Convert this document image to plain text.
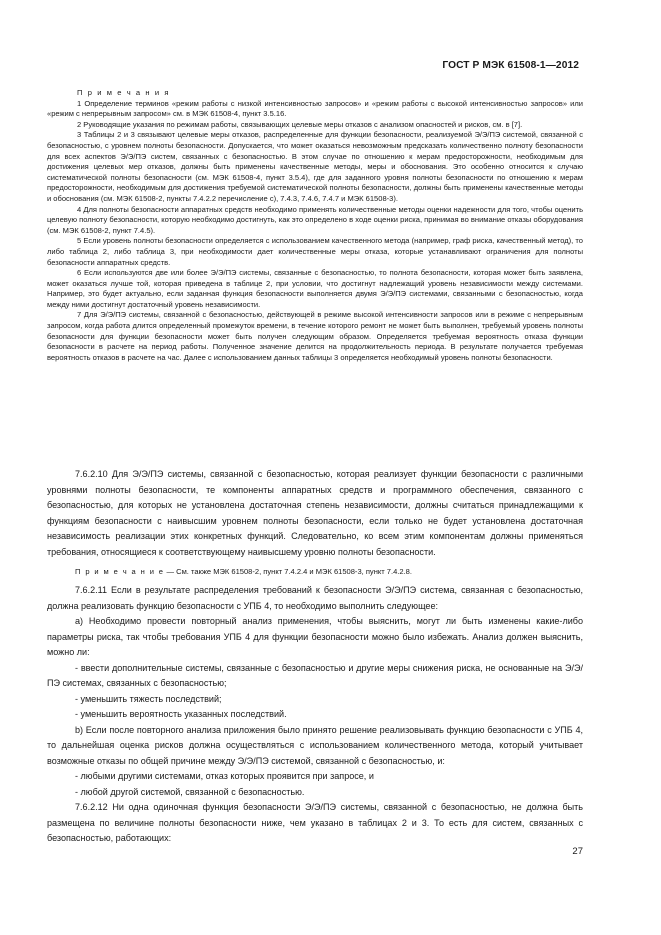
ГОСТ Р МЭК 61508-1—2012

П р и м е ч а н и я

1 Определение терминов «режим работы с низкой интенсивностью запросов» и «режим работы с высокой интенсивностью запросов» или «режим с непрерывным запросом» см. в МЭК 61508-4, пункт 3.5.16.

2 Руководящие указания по режимам работы, связывающих целевые меры отказов с анализом опасностей и рисков, см. в [7].

3 Таблицы 2 и 3 связывают целевые меры отказов, распределенные для функции безопасности, реализуемой Э/Э/ПЭ системой, связанной с безопасностью, с уровнем полноты безопасности. Допускается, что может оказаться невозможным предсказать количественно полноту безопасности для всех аспектов Э/Э/ПЭ систем, связанных с безопасностью. В этом случае по отношению к мерам предосторожности, необходимым для достижения целевых мер отказов, должны быть применены качественные методы, меры и обоснования. Это особенно относится к случаю систематической полноты безопасности (см. МЭК 61508-4, пункт 3.5.4), где для заданного уровня полноты безопасности по отношению к мерам предосторожности, необходимым для достижения требуемой систематической полноты безопасности, должны быть применены качественные методы и обоснования (см. МЭК 61508-2, пункты 7.4.2.2 перечисление с), 7.4.3, 7.4.6, 7.4.7 и МЭК 61508-3).

4 Для полноты безопасности аппаратных средств необходимо применять количественные методы оценки надежности для того, чтобы оценить целевую полноту безопасности, которую необходимо достигнуть, как это определено в ходе оценки риска, принимая во внимание отказы оборудования (см. МЭК 61508-2, пункт 7.4.5).

5 Если уровень полноты безопасности определяется с использованием качественного метода (например, граф риска, качественный метод), то либо таблица 2, либо таблица 3, при необходимости дает количественные меры отказа, которые устанавливают ограничения для полноты безопасности аппаратных средств.

6 Если используются две или более Э/Э/ПЭ системы, связанные с безопасностью, то полнота безопасности, которая может быть заявлена, может оказаться лучше той, которая приведена в таблице 2, при условии, что достигнут надлежащий уровень независимости между системами. Например, это будет актуально, если заданная функция безопасности выполняется двумя Э/Э/ПЭ системами, связанными с безопасностью, когда между ними достигнут достаточный уровень независимости.

7 Для Э/Э/ПЭ системы, связанной с безопасностью, действующей в режиме высокой интенсивности запросов или в режиме с непрерывным запросом, когда работа длится определенный промежуток времени, в течение которого ремонт не может быть выполнен, требуемый уровень полноты безопасности для функции безопасности может быть получен следующим образом. Определяется требуемая вероятность отказа функции безопасности в расчете на период работы. Полученное значение делится на продолжительность периода. В результате получается требуемая вероятность отказов в расчете на час. Далее с использованием данных таблицы 3 определяется необходимый уровень полноты безопасности.

7.6.2.10 Для Э/Э/ПЭ системы, связанной с безопасностью, которая реализует функции безопасности с различными уровнями полноты безопасности, те компоненты аппаратных средств и программного обеспечения, связанного с безопасностью, для которых не установлена достаточная степень независимости, должны считаться принадлежащими к функциям безопасности с наивысшим уровнем полноты безопасности, если только не будет установлена достаточная независимость реализации этих конкретных функций. Следовательно, ко всем этим компонентам должны применяться требования, относящиеся к соответствующему наивысшему уровню полноты безопасности.

П р и м е ч а н и е — См. также МЭК 61508-2, пункт 7.4.2.4 и МЭК 61508-3, пункт 7.4.2.8.

7.6.2.11 Если в результате распределения требований к безопасности Э/Э/ПЭ система, связанная с безопасностью, должна реализовать функцию безопасности с УПБ 4, то необходимо выполнить следующее:

a) Необходимо провести повторный анализ применения, чтобы выяснить, могут ли быть изменены какие-либо параметры риска, так чтобы требования УПБ 4 для функции безопасности можно было избежать. Анализ должен выяснить, можно ли:

- ввести дополнительные системы, связанные с безопасностью и другие меры снижения риска, не основанные на Э/Э/ПЭ системах, связанных с безопасностью;

- уменьшить тяжесть последствий;

- уменьшить вероятность указанных последствий.

b) Если после повторного анализа приложения было принято решение реализовывать функцию безопасности с УПБ 4, то дальнейшая оценка рисков должна осуществляться с использованием количественного метода, который учитывает возможные отказы по общей причине между Э/Э/ПЭ системой, связанной с безопасностью, и:

- любыми другими системами, отказ которых проявится при запросе, и

- любой другой системой, связанной с безопасностью.

7.6.2.12 Ни одна одиночная функция безопасности Э/Э/ПЭ системы, связанной с безопасностью, не должна быть размещена по величине полноты безопасности ниже, чем указано в таблицах 2 и 3. То есть для систем, связанных с безопасностью, работающих:

27
